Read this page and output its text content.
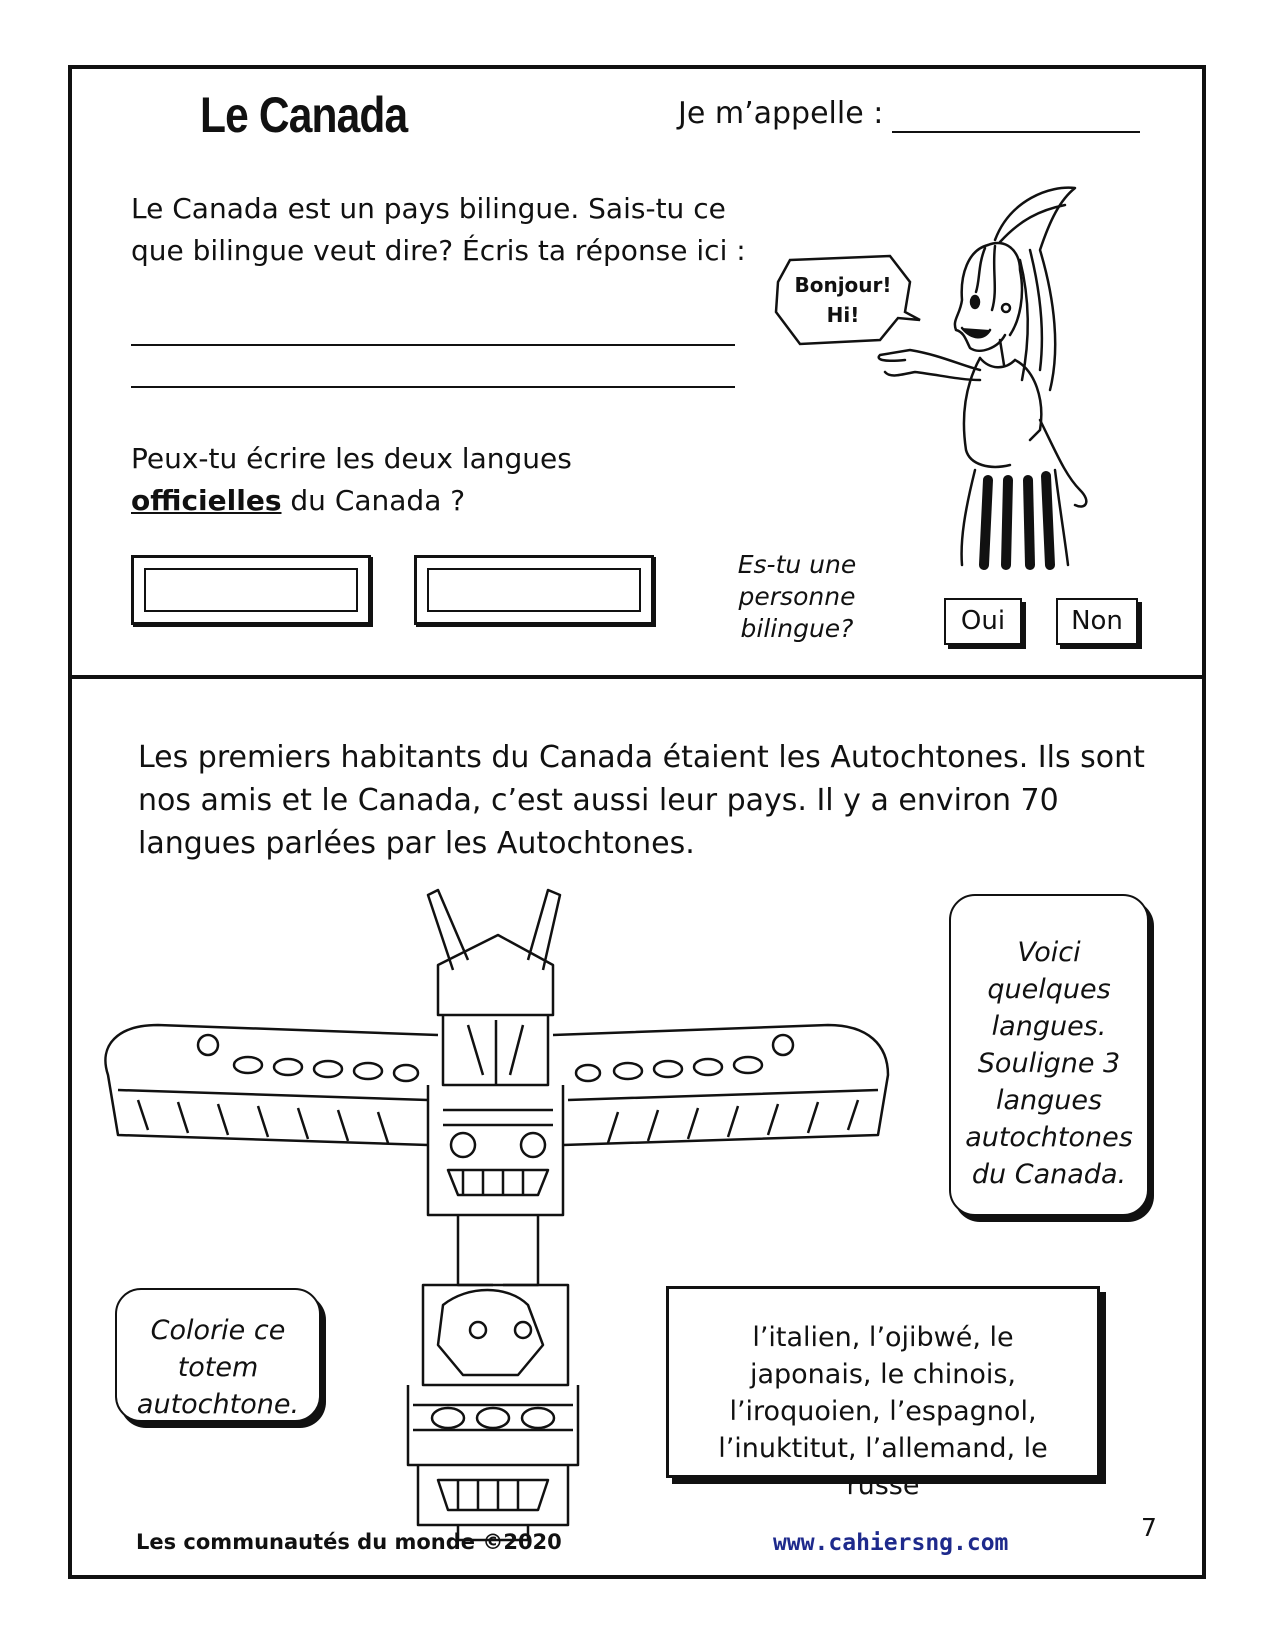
Le Canada	Je m’appelle :
Le Canada est un pays bilingue. Sais-tu ce que bilingue veut dire? Écris ta réponse ici :
Peux-tu écrire les deux langues officielles du Canada ?
Es-tu une personne bilingue?	Oui	Non
Bonjour!
Hi!
Les premiers habitants du Canada étaient les Autochtones. Ils sont nos amis et le Canada, c’est aussi leur pays. Il y a environ 70 langues parlées par les Autochtones.
Voici quelques langues. Souligne 3 langues autochtones du Canada.
Colorie ce totem autochtone.
l’italien, l’ojibwé, le japonais, le chinois, l’iroquoien, l’espagnol, l’inuktitut, l’allemand, le russe
Les communautés du monde ©2020	www.cahiersng.com
7
